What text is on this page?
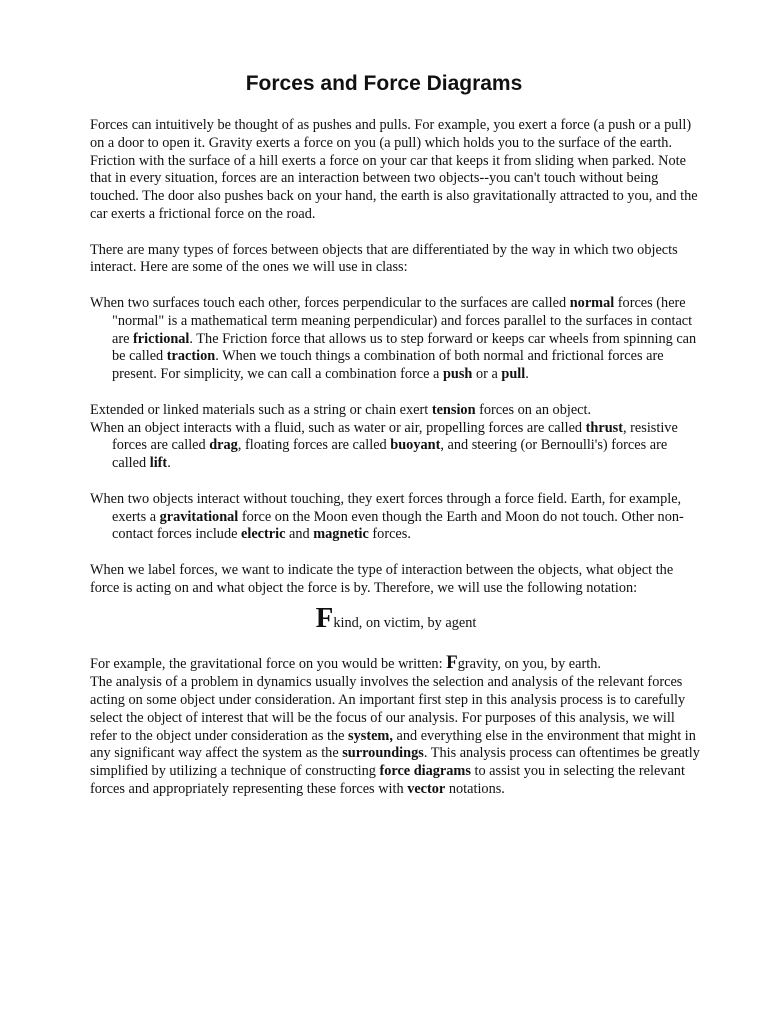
Forces and Force Diagrams

Forces can intuitively be thought of as pushes and pulls. For example, you exert a force (a push or a pull) on a door to open it. Gravity exerts a force on you (a pull) which holds you to the surface of the earth. Friction with the surface of a hill exerts a force on your car that keeps it from sliding when parked. Note that in every situation, forces are an interaction between two objects--you can't touch without being touched. The door also pushes back on your hand, the earth is also gravitationally attracted to you, and the car exerts a frictional force on the road.

There are many types of forces between objects that are differentiated by the way in which two objects interact. Here are some of the ones we will use in class:

When two surfaces touch each other, forces perpendicular to the surfaces are called normal forces (here "normal" is a mathematical term meaning perpendicular) and forces parallel to the surfaces in contact are frictional. The Friction force that allows us to step forward or keeps car wheels from spinning can be called traction. When we touch things a combination of both normal and frictional forces are present. For simplicity, we can call a combination force a push or a pull.

Extended or linked materials such as a string or chain exert tension forces on an object.

When an object interacts with a fluid, such as water or air, propelling forces are called thrust, resistive forces are called drag, floating forces are called buoyant, and steering (or Bernoulli's) forces are called lift.

When two objects interact without touching, they exert forces through a force field. Earth, for example, exerts a gravitational force on the Moon even though the Earth and Moon do not touch. Other non-contact forces include electric and magnetic forces.

When we label forces, we want to indicate the type of interaction between the objects, what object the force is acting on and what object the force is by. Therefore, we will use the following notation:

Fkind, on victim, by agent

For example, the gravitational force on you would be written: Fgravity, on you, by earth.

The analysis of a problem in dynamics usually involves the selection and analysis of the relevant forces acting on some object under consideration. An important first step in this analysis process is to carefully select the object of interest that will be the focus of our analysis. For purposes of this analysis, we will refer to the object under consideration as the system, and everything else in the environment that might in any significant way affect the system as the surroundings. This analysis process can oftentimes be greatly simplified by utilizing a technique of constructing force diagrams to assist you in selecting the relevant forces and appropriately representing these forces with vector notations.
